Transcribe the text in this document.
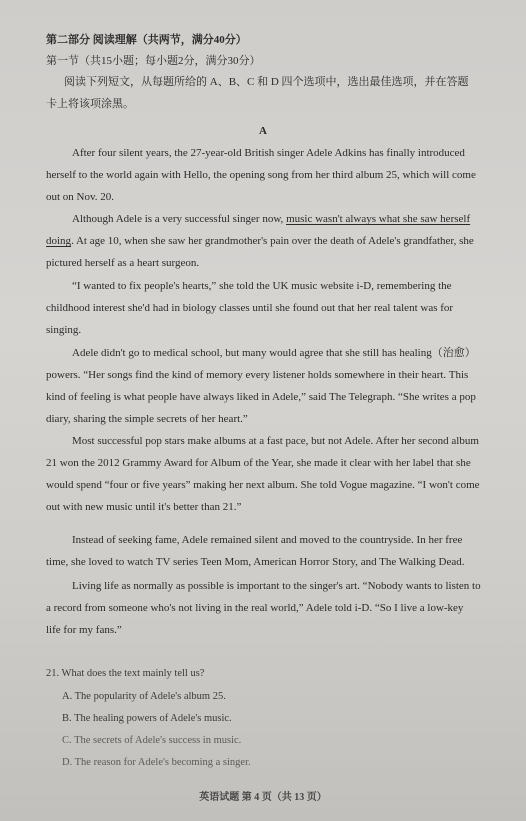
第二部分 阅读理解（共两节，满分40分）
第一节（共15小题；每小题2分，满分30分）
阅读下列短文，从每题所给的 A、B、C 和 D 四个选项中，选出最佳选项，并在答题
卡上将该项涂黑。
A
After four silent years, the 27-year-old British singer Adele Adkins has finally introduced
herself to the world again with Hello, the opening song from her third album 25, which will come
out on Nov. 20.
Although Adele is a very successful singer now, music wasn't always what she saw herself
doing. At age 10, when she saw her grandmother's pain over the death of Adele's grandfather, she
pictured herself as a heart surgeon.
“I wanted to fix people's hearts,” she told the UK music website i-D, remembering the
childhood interest she'd had in biology classes until she found out that her real talent was for
singing.
Adele didn't go to medical school, but many would agree that she still has healing（治愈）
powers. “Her songs find the kind of memory every listener holds somewhere in their heart. This
kind of feeling is what people have always liked in Adele,” said The Telegraph. “She writes a pop
diary, sharing the simple secrets of her heart.”
Most successful pop stars make albums at a fast pace, but not Adele. After her second album
21 won the 2012 Grammy Award for Album of the Year, she made it clear with her label that she
would spend “four or five years” making her next album. She told Vogue magazine. “I won't come
out with new music until it's better than 21.”
Instead of seeking fame, Adele remained silent and moved to the countryside. In her free
time, she loved to watch TV series Teen Mom, American Horror Story, and The Walking Dead.
Living life as normally as possible is important to the singer's art. “Nobody wants to listen to
a record from someone who's not living in the real world,” Adele told i-D. “So I live a low-key
life for my fans.”
21. What does the text mainly tell us?
A. The popularity of Adele's album 25.
B. The healing powers of Adele's music.
C. The secrets of Adele's success in music.
D. The reason for Adele's becoming a singer.
英语试题 第 4 页（共 13 页）
